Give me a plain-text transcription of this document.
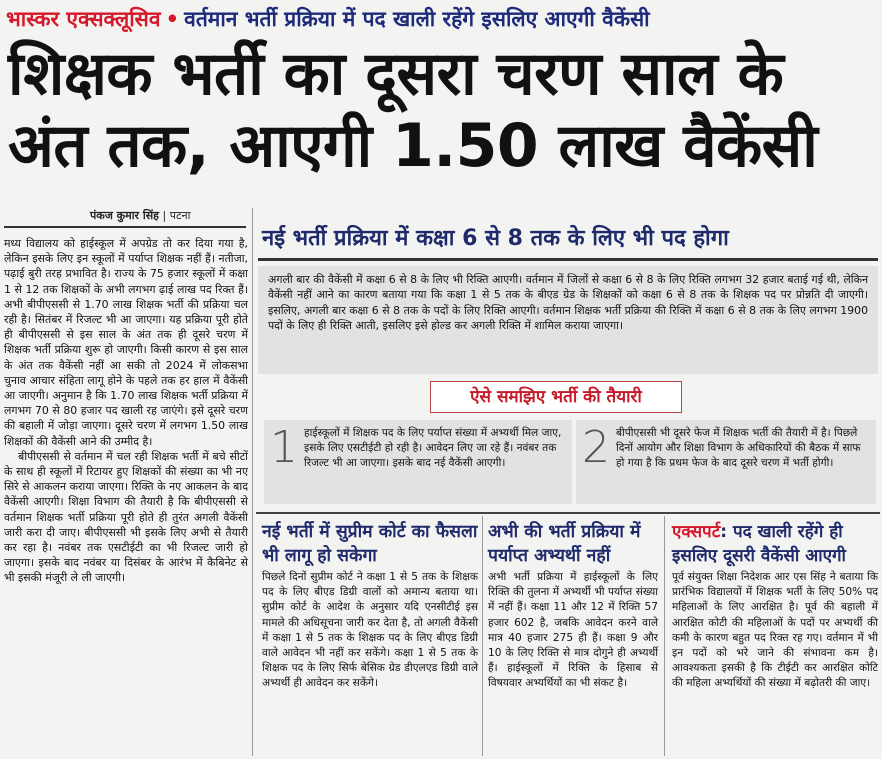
भास्कर एक्सक्लूसिव • वर्तमान भर्ती प्रक्रिया में पद खाली रहेंगे इसलिए आएगी वैकेंसी
शिक्षक भर्ती का दूसरा चरण साल के
अंत तक, आएगी 1.50 लाख वैकेंसी
पंकज कुमार सिंह | पटना

मध्य विद्यालय को हाईस्कूल में अपग्रेड तो कर दिया गया है, लेकिन इसके लिए इन स्कूलों में पर्याप्त शिक्षक नहीं हैं। नतीजा, पढ़ाई बुरी तरह प्रभावित है। राज्य के 75 हजार स्कूलों में कक्षा 1 से 12 तक शिक्षकों के अभी लगभग ढ़ाई लाख पद रिक्त हैं। अभी बीपीएससी से 1.70 लाख शिक्षक भर्ती की प्रक्रिया चल रही है। सितंबर में रिजल्ट भी आ जाएगा। यह प्रक्रिया पूरी होते ही बीपीएससी से इस साल के अंत तक ही दूसरे चरण में शिक्षक भर्ती प्रक्रिया शुरू हो जाएगी। किसी कारण से इस साल के अंत तक वैकेंसी नहीं आ सकी तो 2024 में लोकसभा चुनाव आचार संहिता लागू होने के पहले तक हर हाल में वैकेंसी आ जाएगी। अनुमान है कि 1.70 लाख शिक्षक भर्ती प्रक्रिया में लगभग 70 से 80 हजार पद खाली रह जाएंगे। इसे दूसरे चरण की बहाली में जोड़ा जाएगा। दूसरे चरण में लगभग 1.50 लाख शिक्षकों की वैकेंसी आने की उम्मीद है।

बीपीएससी से वर्तमान में चल रही शिक्षक भर्ती में बचे सीटों के साथ ही स्कूलों में रिटायर हुए शिक्षकों की संख्या का भी नए सिरे से आकलन कराया जाएगा। रिक्ति के नए आकलन के बाद वैकेंसी आएगी। शिक्षा विभाग की तैयारी है कि बीपीएससी से वर्तमान शिक्षक भर्ती प्रक्रिया पूरी होते ही तुरंत अगली वैकेंसी जारी करा दी जाए। बीपीएससी भी इसके लिए अभी से तैयारी कर रहा है। नवंबर तक एसटीईटी का भी रिजल्ट जारी हो जाएगा। इसके बाद नवंबर या दिसंबर के आरंभ में कैबिनेट से भी इसकी मंजूरी ले ली जाएगी।

नई भर्ती प्रक्रिया में कक्षा 6 से 8 तक के लिए भी पद होगा
अगली बार की वैकेंसी में कक्षा 6 से 8 के लिए भी रिक्ति आएगी। वर्तमान में जिलों से कक्षा 6 से 8 के लिए रिक्ति लगभग 32 हजार बताई गई थी, लेकिन वैकेंसी नहीं आने का कारण बताया गया कि कक्षा 1 से 5 तक के बीएड ग्रेड के शिक्षकों को कक्षा 6 से 8 तक के शिक्षक पद पर प्रोन्नति दी जाएगी। इसलिए, अगली बार कक्षा 6 से 8 तक के पदों के लिए रिक्ति आएगी। वर्तमान शिक्षक भर्ती प्रक्रिया की रिक्ति में कक्षा 6 से 8 तक के लिए लगभग 1900 पदों के लिए ही रिक्ति आती, इसलिए इसे होल्ड कर अगली रिक्ति में शामिल कराया जाएगा।
ऐसे समझिए भर्ती की तैयारी
1 हाईस्कूलों में शिक्षक पद के लिए पर्याप्त संख्या में अभ्यर्थी मिल जाए, इसके लिए एसटीईटी हो रही है। आवेदन लिए जा रहे हैं। नवंबर तक रिजल्ट भी आ जाएगा। इसके बाद नई वैकेंसी आएगी।	2 बीपीएससी भी दूसरे फेज में शिक्षक भर्ती की तैयारी में है। पिछले दिनों आयोग और शिक्षा विभाग के अधिकारियों की बैठक में साफ हो गया है कि प्रथम फेज के बाद दूसरे चरण में भर्ती होगी।
नई भर्ती में सुप्रीम कोर्ट का फैसला भी लागू हो सकेगा
पिछले दिनों सुप्रीम कोर्ट ने कक्षा 1 से 5 तक के शिक्षक पद के लिए बीएड डिग्री वालों को अमान्य बताया था। सुप्रीम कोर्ट के आदेश के अनुसार यदि एनसीटीई इस मामले की अधिसूचना जारी कर देता है, तो अगली वैकेंसी में कक्षा 1 से 5 तक के शिक्षक पद के लिए बीएड डिग्री वाले आवेदन भी नहीं कर सकेंगे। कक्षा 1 से 5 तक के शिक्षक पद के लिए सिर्फ बेसिक ग्रेड डीएलएड डिग्री वाले अभ्यर्थी ही आवेदन कर सकेंगे।
अभी की भर्ती प्रक्रिया में पर्याप्त अभ्यर्थी नहीं
अभी भर्ती प्रक्रिया में हाईस्कूलों के लिए रिक्ति की तुलना में अभ्यर्थी भी पर्याप्त संख्या में नहीं हैं। कक्षा 11 और 12 में रिक्ति 57 हजार 602 है, जबकि आवेदन करने वाले मात्र 40 हजार 275 ही हैं। कक्षा 9 और 10 के लिए रिक्ति से मात्र दोगुने ही अभ्यर्थी हैं। हाईस्कूलों में रिक्ति के हिसाब से विषयवार अभ्यर्थियों का भी संकट है।
एक्सपर्ट: पद खाली रहेंगे ही इसलिए दूसरी वैकेंसी आएगी
पूर्व संयुक्त शिक्षा निदेशक आर एस सिंह ने बताया कि प्रारंभिक विद्यालयों में शिक्षक भर्ती के लिए 50% पद महिलाओं के लिए आरक्षित है। पूर्व की बहाली में आरक्षित कोटी की महिलाओं के पदों पर अभ्यर्थी की कमी के कारण बहुत पद रिक्त रह गए। वर्तमान में भी इन पदों को भरे जाने की संभावना कम है। आवश्यकता इसकी है कि टीईटी कर आरक्षित कोटि की महिला अभ्यर्थियों की संख्या में बढ़ोतरी की जाए।
